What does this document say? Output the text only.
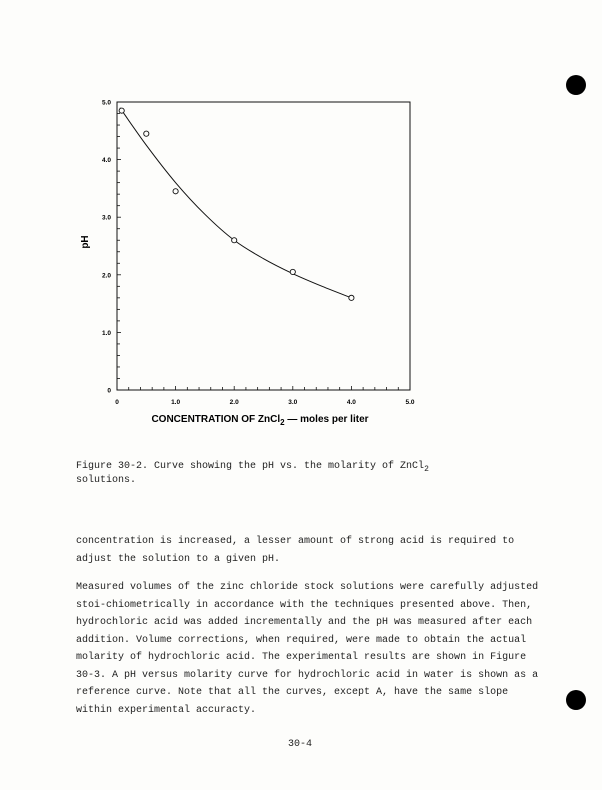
0	1.0	2.0	3.0	4.0	5.0
0
1.0
2.0
3.0
4.0
5.0
pH
CONCENTRATION OF ZnCl$_2$ — moles per liter
Figure 30-2. Curve showing the pH vs. the molarity of ZnCl$_2$
solutions.

concentration is increased, a lesser amount of strong acid is required to adjust the solution to a given pH.

Measured volumes of the zinc chloride stock solutions were carefully adjusted stoi-chiometrically in accordance with the techniques presented above. Then, hydrochloric acid was added incrementally and the pH was measured after each addition. Volume corrections, when required, were made to obtain the actual molarity of hydrochloric acid. The experimental results are shown in Figure 30-3. A pH versus molarity curve for hydrochloric acid in water is shown as a reference curve. Note that all the curves, except A, have the same slope within experimental accuracty.

30-4
